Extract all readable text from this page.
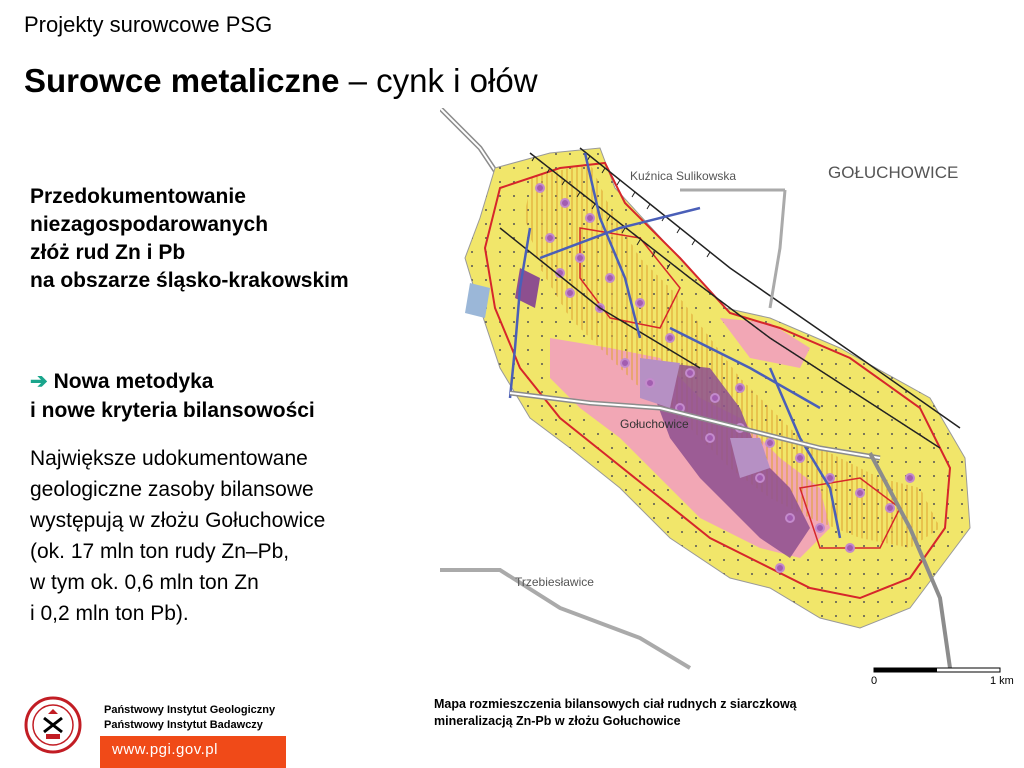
Projekty surowcowe PSG
Surowce metaliczne – cynk i ołów
Przedokumentowanie
niezagospodarowanych
złóż rud Zn i Pb
na obszarze śląsko-krakowskim
➔ Nowa metodyka
i nowe kryteria bilansowości
Największe udokumentowane
geologiczne zasoby bilansowe
występują w złożu Gołuchowice
(ok. 17 mln ton rudy Zn–Pb,
w tym ok. 0,6 mln ton Zn
i 0,2 mln ton Pb).
GOŁUCHOWICE
Kuźnica Sulikowska
Gołuchowice
Trzebiesławice
0	1 km
Mapa rozmieszczenia bilansowych ciał rudnych z siarczkową
mineralizacją Zn-Pb w złożu Gołuchowice
Państwowy Instytut Geologiczny
Państwowy Instytut Badawczy
www.pgi.gov.pl
